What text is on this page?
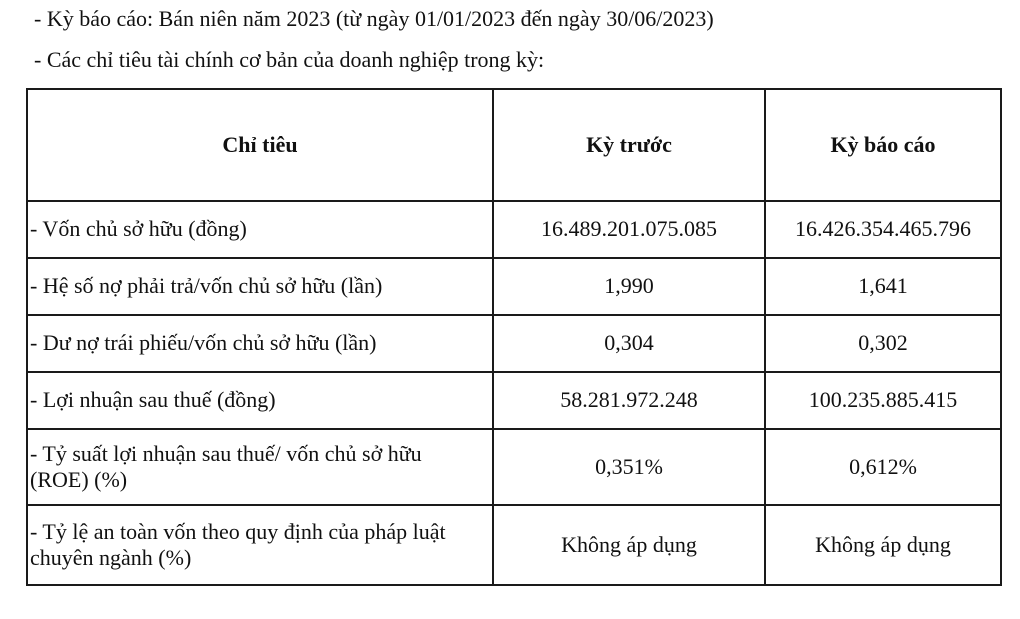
- Kỳ báo cáo: Bán niên năm 2023 (từ ngày 01/01/2023 đến ngày 30/06/2023)
- Các chỉ tiêu tài chính cơ bản của doanh nghiệp trong kỳ:
Chỉ tiêu	Kỳ trước	Kỳ báo cáo
- Vốn chủ sở hữu (đồng)	16.489.201.075.085	16.426.354.465.796
- Hệ số nợ phải trả/vốn chủ sở hữu (lần)	1,990	1,641
- Dư nợ trái phiếu/vốn chủ sở hữu (lần)	0,304	0,302
- Lợi nhuận sau thuế (đồng)	58.281.972.248	100.235.885.415

- Tỷ suất lợi nhuận sau thuế/ vốn chủ sở hữu
(ROE) (%)	0,351%	0,612%

- Tỷ lệ an toàn vốn theo quy định của pháp luật
chuyên ngành (%)	Không áp dụng	Không áp dụng
